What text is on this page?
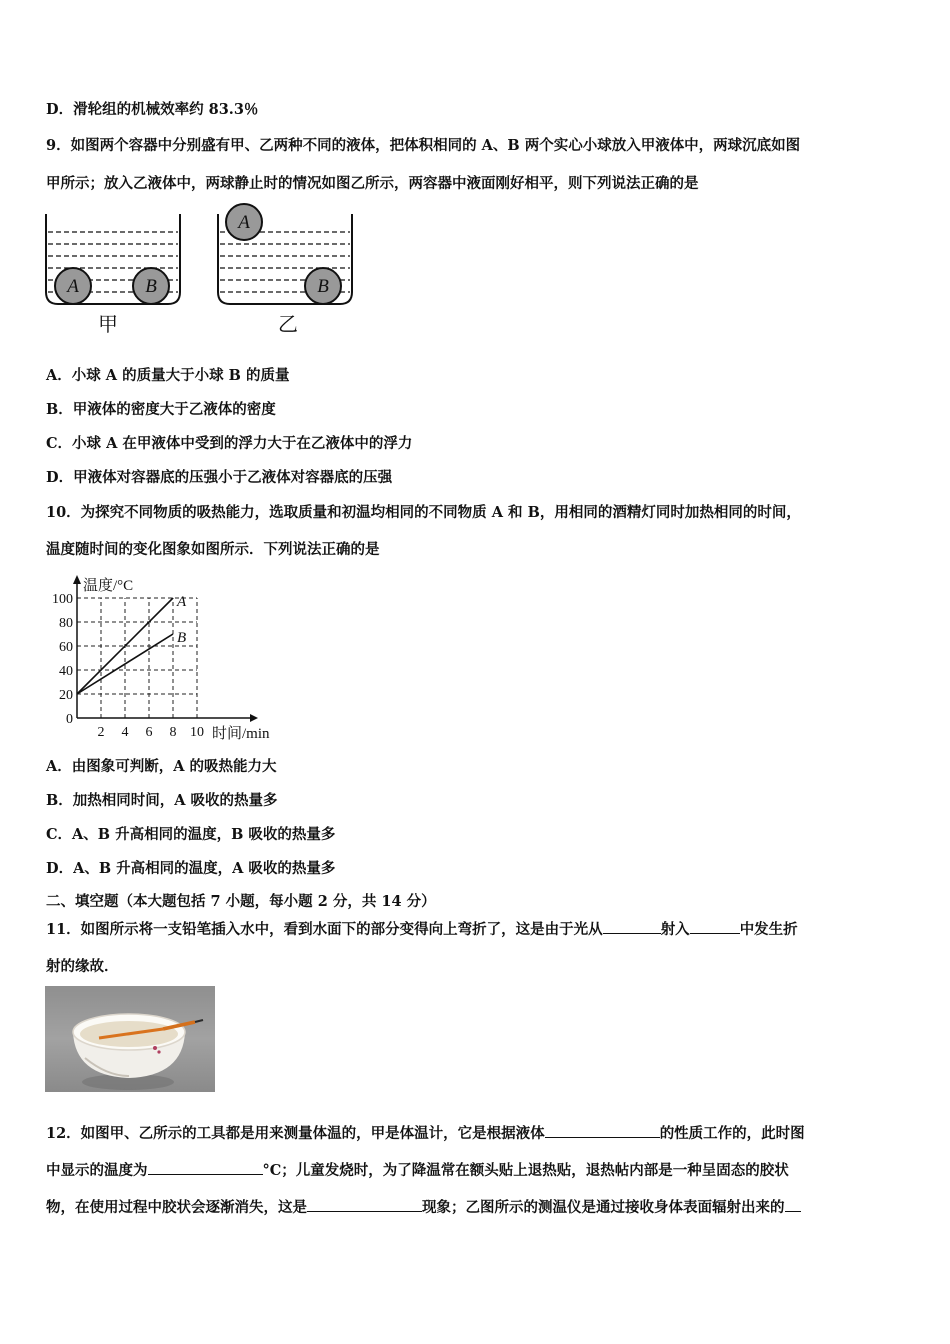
D．滑轮组的机械效率约 83.3％
9．如图两个容器中分别盛有甲、乙两种不同的液体，把体积相同的 A、B 两个实心小球放入甲液体中，两球沉底如图
甲所示；放入乙液体中，两球静止时的情况如图乙所示，两容器中液面刚好相平，则下列说法正确的是
A	B
甲
A
B
乙
A．小球 A 的质量大于小球 B 的质量
B．甲液体的密度大于乙液体的密度
C．小球 A 在甲液体中受到的浮力大于在乙液体中的浮力
D．甲液体对容器底的压强小于乙液体对容器底的压强
10．为探究不同物质的吸热能力，选取质量和初温均相同的不同物质 A 和 B，用相同的酒精灯同时加热相同的时间，
温度随时间的变化图象如图所示．下列说法正确的是
A
B
温度/°C
时间/min
0
20
40
60
80
100
2 4 6 8 10
A．由图象可判断，A 的吸热能力大
B．加热相同时间，A 吸收的热量多
C．A、B 升高相同的温度，B 吸收的热量多
D．A、B 升高相同的温度，A 吸收的热量多
二、填空题（本大题包括 7 小题，每小题 2 分，共 14 分）
11．如图所示将一支铅笔插入水中，看到水面下的部分变得向上弯折了，这是由于光从	射入	中发生折
射的缘故．
12．如图甲、乙所示的工具都是用来测量体温的，甲是体温计，它是根据液体	的性质工作的，此时图
中显示的温度为	°C；儿童发烧时，为了降温常在额头贴上退热贴，退热帖内部是一种呈固态的胶状
物，在使用过程中胶状会逐渐消失，这是	现象；乙图所示的测温仪是通过接收身体表面辐射出来的
